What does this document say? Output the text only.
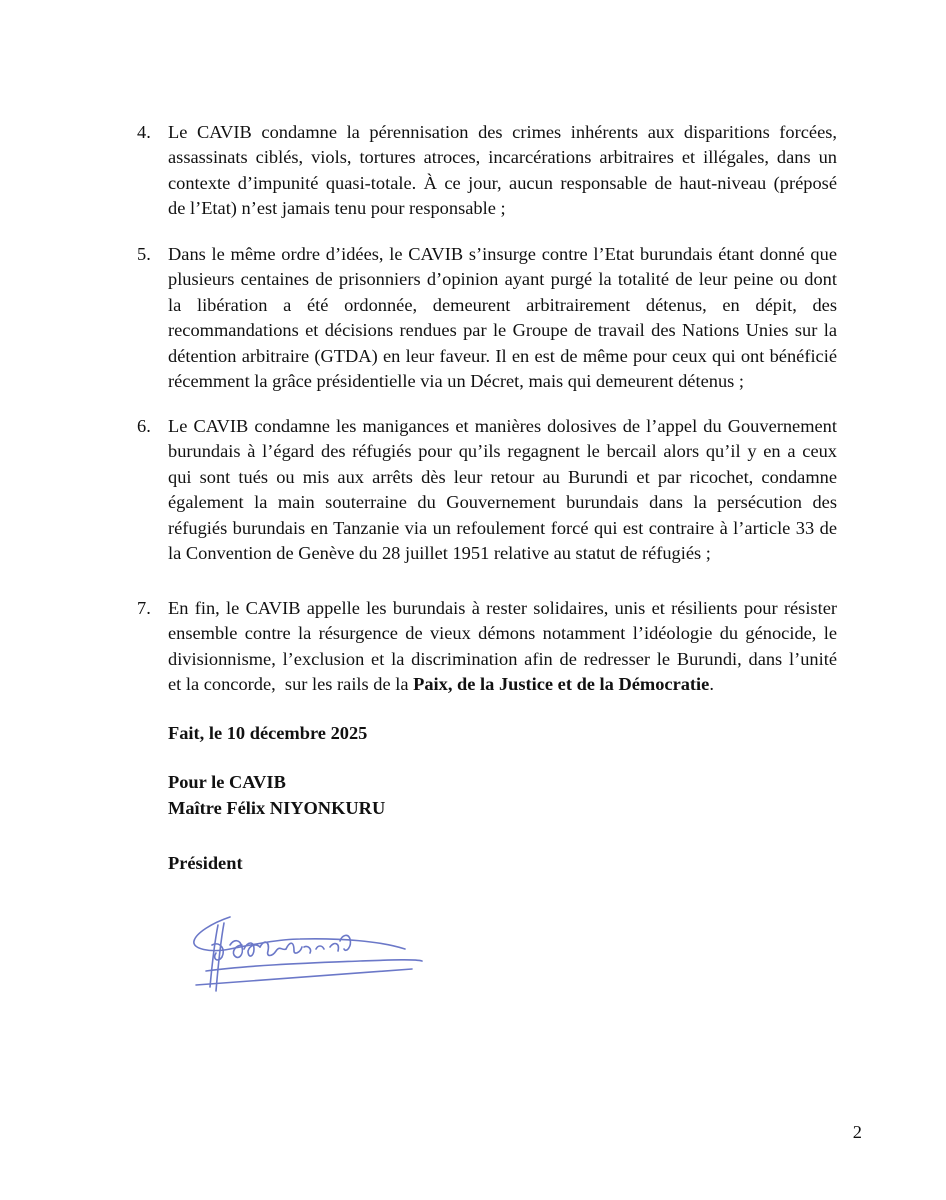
4. Le CAVIB condamne la pérennisation des crimes inhérents aux disparitions forcées,
assassinats ciblés, viols, tortures atroces, incarcérations arbitraires et illégales, dans un
contexte d’impunité quasi-totale. À ce jour, aucun responsable de haut-niveau (préposé
de l’Etat) n’est jamais tenu pour responsable ;
5. Dans le même ordre d’idées, le CAVIB s’insurge contre l’Etat burundais étant donné que
plusieurs centaines de prisonniers d’opinion ayant purgé la totalité de leur peine ou dont
la libération a été ordonnée, demeurent arbitrairement détenus, en dépit, des
recommandations et décisions rendues par le Groupe de travail des Nations Unies sur la
détention arbitraire (GTDA) en leur faveur. Il en est de même pour ceux qui ont bénéficié
récemment la grâce présidentielle via un Décret, mais qui demeurent détenus ;
6. Le CAVIB condamne les manigances et manières dolosives de l’appel du Gouvernement
burundais à l’égard des réfugiés pour qu’ils regagnent le bercail alors qu’il y en a ceux
qui sont tués ou mis aux arrêts dès leur retour au Burundi et par ricochet, condamne
également la main souterraine du Gouvernement burundais dans la persécution des
réfugiés burundais en Tanzanie via un refoulement forcé qui est contraire à l’article 33 de
la Convention de Genève du 28 juillet 1951 relative au statut de réfugiés ;
7. En fin, le CAVIB appelle les burundais à rester solidaires, unis et résilients pour résister
ensemble contre la résurgence de vieux démons notamment l’idéologie du génocide, le
divisionnisme, l’exclusion et la discrimination afin de redresser le Burundi, dans l’unité
et la concorde,  sur les rails de la Paix, de la Justice et de la Démocratie.
Fait, le 10 décembre 2025
Pour le CAVIB
Maître Félix NIYONKURU
Président
2
